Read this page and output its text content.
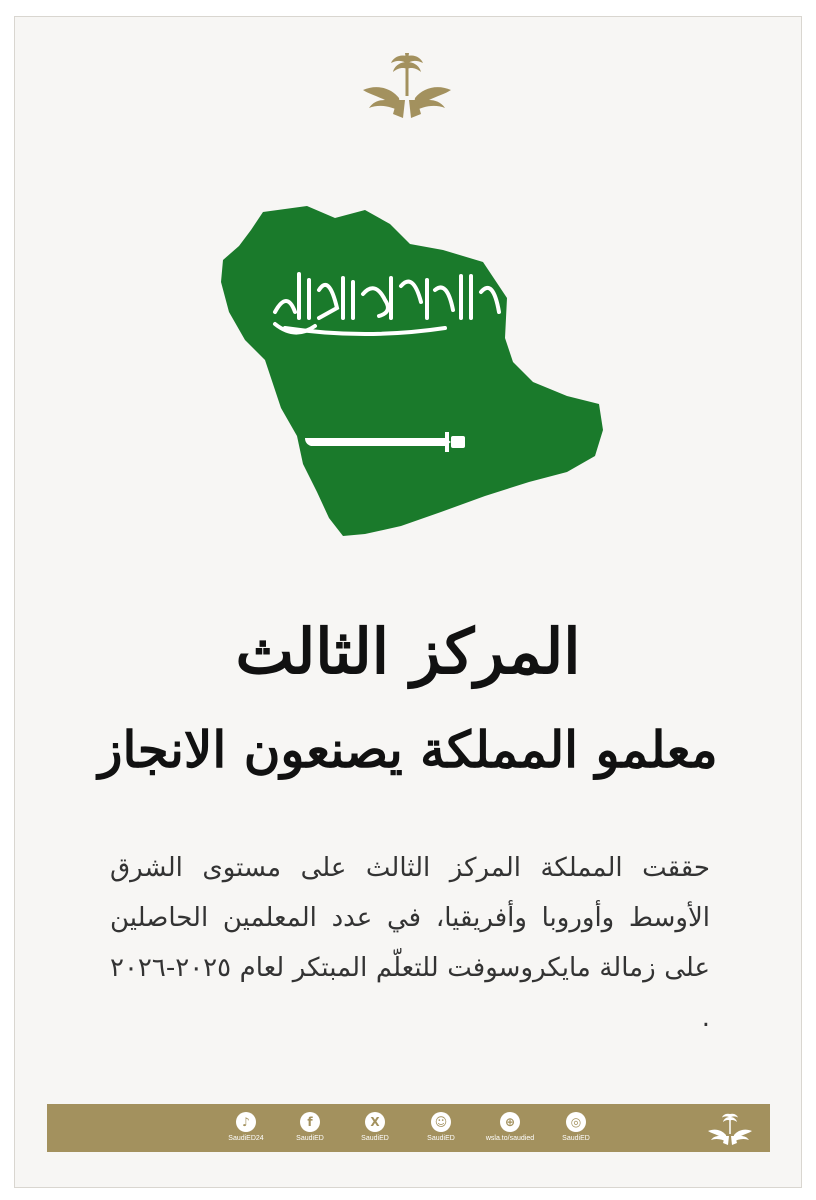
المركز الثالث
معلمو المملكة يصنعون الانجاز
حققت المملكة المركز الثالث على مستوى الشرق الأوسط وأوروبا وأفريقيا، في عدد المعلمين الحاصلين على زمالة مايكروسوفت للتعلّم المبتكر لعام ٢٠٢٥-٢٠٢٦ .
♪
SaudiED24
f
SaudiED
X
SaudiED
☺
SaudiED
⊕
wsla.to/saudied
◎
SaudiED
